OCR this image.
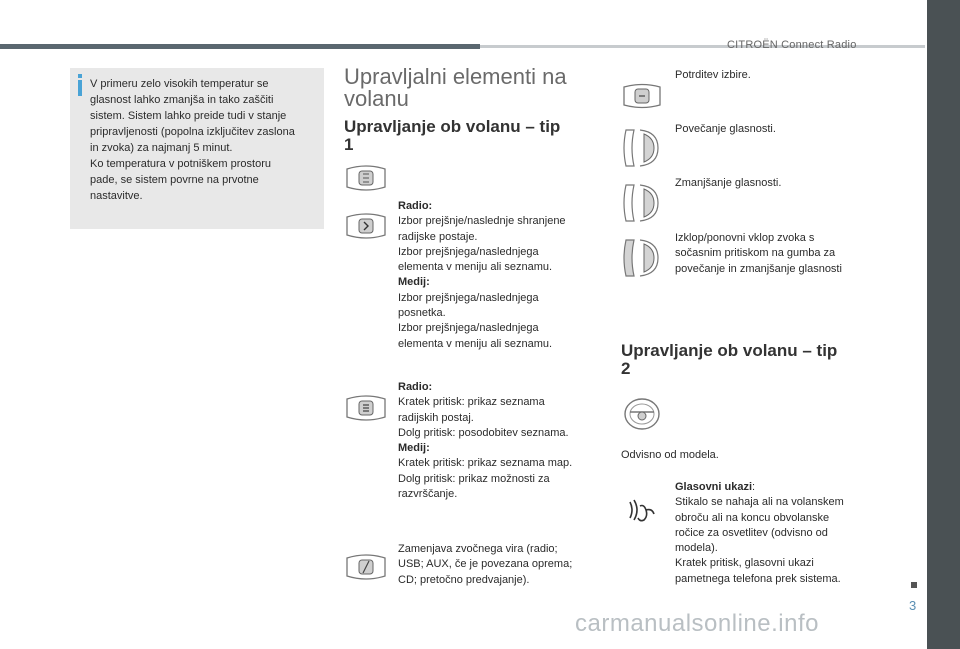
CITROËN Connect Radio
V primeru zelo visokih temperatur se
glasnost lahko zmanjša in tako zaščiti
sistem. Sistem lahko preide tudi v stanje
pripravljenosti (popolna izključitev zaslona
in zvoka) za najmanj 5 minut.
Ko temperatura v potniškem prostoru
pade, se sistem povrne na prvotne
nastavitve.
Upravljalni elementi na
volanu
Upravljanje ob volanu – tip
1
Radio:
Izbor prejšnje/naslednje shranjene
radijske postaje.
Izbor prejšnjega/naslednjega
elementa v meniju ali seznamu.
Medij:
Izbor prejšnjega/naslednjega
posnetka.
Izbor prejšnjega/naslednjega
elementa v meniju ali seznamu.
Radio:
Kratek pritisk: prikaz seznama
radijskih postaj.
Dolg pritisk: posodobitev seznama.
Medij:
Kratek pritisk: prikaz seznama map.
Dolg pritisk: prikaz možnosti za
razvrščanje.
Zamenjava zvočnega vira (radio;
USB; AUX, če je povezana oprema;
CD; pretočno predvajanje).
Potrditev izbire.
Povečanje glasnosti.
Zmanjšanje glasnosti.
Izklop/ponovni vklop zvoka s
sočasnim pritiskom na gumba za
povečanje in zmanjšanje glasnosti
Upravljanje ob volanu – tip
2
Odvisno od modela.
Glasovni ukazi:
Stikalo se nahaja ali na volanskem
obroču ali na koncu obvolanske
ročice za osvetlitev (odvisno od
modela).
Kratek pritisk, glasovni ukazi
pametnega telefona prek sistema.
3
carmanualsonline.info
